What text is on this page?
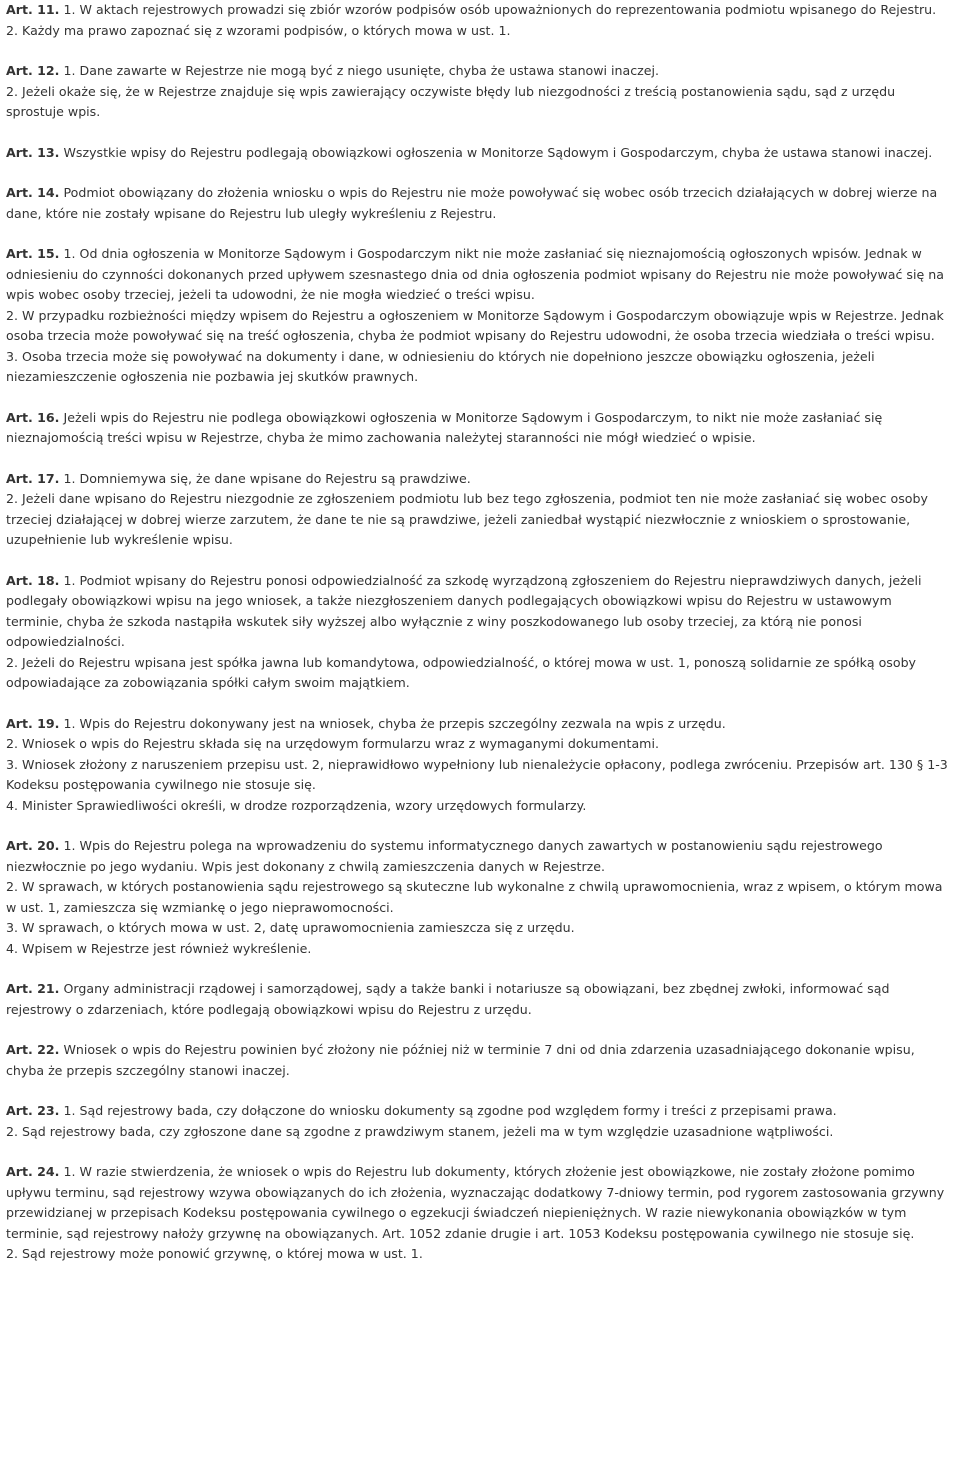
Art. 11. 1. W aktach rejestrowych prowadzi się zbiór wzorów podpisów osób upoważnionych do reprezentowania podmiotu wpisanego do Rejestru.

2. Każdy ma prawo zapoznać się z wzorami podpisów, o których mowa w ust. 1.

Art. 12. 1. Dane zawarte w Rejestrze nie mogą być z niego usunięte, chyba że ustawa stanowi inaczej.

2. Jeżeli okaże się, że w Rejestrze znajduje się wpis zawierający oczywiste błędy lub niezgodności z treścią postanowienia sądu, sąd z urzędu sprostuje wpis.

Art. 13. Wszystkie wpisy do Rejestru podlegają obowiązkowi ogłoszenia w Monitorze Sądowym i Gospodarczym, chyba że ustawa stanowi inaczej.

Art. 14. Podmiot obowiązany do złożenia wniosku o wpis do Rejestru nie może powoływać się wobec osób trzecich działających w dobrej wierze na dane, które nie zostały wpisane do Rejestru lub uległy wykreśleniu z Rejestru.

Art. 15. 1. Od dnia ogłoszenia w Monitorze Sądowym i Gospodarczym nikt nie może zasłaniać się nieznajomością ogłoszonych wpisów. Jednak w odniesieniu do czynności dokonanych przed upływem szesnastego dnia od dnia ogłoszenia podmiot wpisany do Rejestru nie może powoływać się na wpis wobec osoby trzeciej, jeżeli ta udowodni, że nie mogła wiedzieć o treści wpisu.

2. W przypadku rozbieżności między wpisem do Rejestru a ogłoszeniem w Monitorze Sądowym i Gospodarczym obowiązuje wpis w Rejestrze. Jednak osoba trzecia może powoływać się na treść ogłoszenia, chyba że podmiot wpisany do Rejestru udowodni, że osoba trzecia wiedziała o treści wpisu.

3. Osoba trzecia może się powoływać na dokumenty i dane, w odniesieniu do których nie dopełniono jeszcze obowiązku ogłoszenia, jeżeli niezamieszczenie ogłoszenia nie pozbawia jej skutków prawnych.

Art. 16. Jeżeli wpis do Rejestru nie podlega obowiązkowi ogłoszenia w Monitorze Sądowym i Gospodarczym, to nikt nie może zasłaniać się nieznajomością treści wpisu w Rejestrze, chyba że mimo zachowania należytej staranności nie mógł wiedzieć o wpisie.

Art. 17. 1. Domniemywa się, że dane wpisane do Rejestru są prawdziwe.

2. Jeżeli dane wpisano do Rejestru niezgodnie ze zgłoszeniem podmiotu lub bez tego zgłoszenia, podmiot ten nie może zasłaniać się wobec osoby trzeciej działającej w dobrej wierze zarzutem, że dane te nie są prawdziwe, jeżeli zaniedbał wystąpić niezwłocznie z wnioskiem o sprostowanie, uzupełnienie lub wykreślenie wpisu.

Art. 18. 1. Podmiot wpisany do Rejestru ponosi odpowiedzialność za szkodę wyrządzoną zgłoszeniem do Rejestru nieprawdziwych danych, jeżeli podlegały obowiązkowi wpisu na jego wniosek, a także niezgłoszeniem danych podlegających obowiązkowi wpisu do Rejestru w ustawowym terminie, chyba że szkoda nastąpiła wskutek siły wyższej albo wyłącznie z winy poszkodowanego lub osoby trzeciej, za którą nie ponosi odpowiedzialności.

2. Jeżeli do Rejestru wpisana jest spółka jawna lub komandytowa, odpowiedzialność, o której mowa w ust. 1, ponoszą solidarnie ze spółką osoby odpowiadające za zobowiązania spółki całym swoim majątkiem.

Art. 19. 1. Wpis do Rejestru dokonywany jest na wniosek, chyba że przepis szczególny zezwala na wpis z urzędu.

2. Wniosek o wpis do Rejestru składa się na urzędowym formularzu wraz z wymaganymi dokumentami.

3. Wniosek złożony z naruszeniem przepisu ust. 2, nieprawidłowo wypełniony lub nienależycie opłacony, podlega zwróceniu. Przepisów art. 130 § 1-3 Kodeksu postępowania cywilnego nie stosuje się.

4. Minister Sprawiedliwości określi, w drodze rozporządzenia, wzory urzędowych formularzy.

Art. 20. 1. Wpis do Rejestru polega na wprowadzeniu do systemu informatycznego danych zawartych w postanowieniu sądu rejestrowego niezwłocznie po jego wydaniu. Wpis jest dokonany z chwilą zamieszczenia danych w Rejestrze.

2. W sprawach, w których postanowienia sądu rejestrowego są skuteczne lub wykonalne z chwilą uprawomocnienia, wraz z wpisem, o którym mowa w ust. 1, zamieszcza się wzmiankę o jego nieprawomocności.

3. W sprawach, o których mowa w ust. 2, datę uprawomocnienia zamieszcza się z urzędu.

4. Wpisem w Rejestrze jest również wykreślenie.

Art. 21. Organy administracji rządowej i samorządowej, sądy a także banki i notariusze są obowiązani, bez zbędnej zwłoki, informować sąd rejestrowy o zdarzeniach, które podlegają obowiązkowi wpisu do Rejestru z urzędu.

Art. 22. Wniosek o wpis do Rejestru powinien być złożony nie później niż w terminie 7 dni od dnia zdarzenia uzasadniającego dokonanie wpisu, chyba że przepis szczególny stanowi inaczej.

Art. 23. 1. Sąd rejestrowy bada, czy dołączone do wniosku dokumenty są zgodne pod względem formy i treści z przepisami prawa.

2. Sąd rejestrowy bada, czy zgłoszone dane są zgodne z prawdziwym stanem, jeżeli ma w tym względzie uzasadnione wątpliwości.

Art. 24. 1. W razie stwierdzenia, że wniosek o wpis do Rejestru lub dokumenty, których złożenie jest obowiązkowe, nie zostały złożone pomimo upływu terminu, sąd rejestrowy wzywa obowiązanych do ich złożenia, wyznaczając dodatkowy 7-dniowy termin, pod rygorem zastosowania grzywny przewidzianej w przepisach Kodeksu postępowania cywilnego o egzekucji świadczeń niepieniężnych. W razie niewykonania obowiązków w tym terminie, sąd rejestrowy nałoży grzywnę na obowiązanych. Art. 1052 zdanie drugie i art. 1053 Kodeksu postępowania cywilnego nie stosuje się.

2. Sąd rejestrowy może ponowić grzywnę, o której mowa w ust. 1.
